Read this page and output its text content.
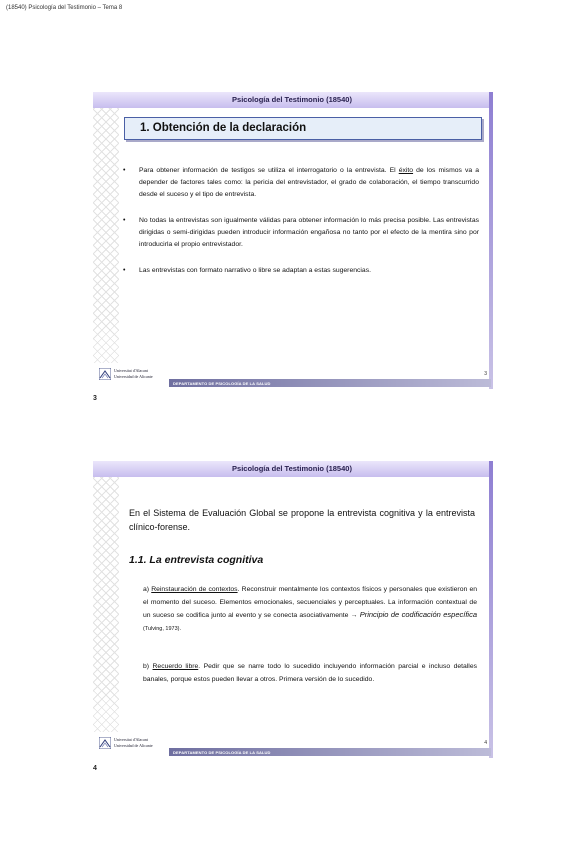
(18540) Psicología del Testimonio – Tema 8
Psicología del Testimonio (18540)
1. Obtención de la declaración
• Para obtener información de testigos se utiliza el interrogatorio o la entrevista. El éxito de los mismos va a depender de factores tales como: la pericia del entrevistador, el grado de colaboración, el tiempo transcurrido desde el suceso y el tipo de entrevista.
• No todas la entrevistas son igualmente válidas para obtener información lo más precisa posible. Las entrevistas dirigidas o semi-dirigidas pueden introducir información engañosa no tanto por el efecto de la mentira sino por introducirla el propio entrevistador.
• Las entrevistas con formato narrativo o libre se adaptan a estas sugerencias.
Universitat d'Alacant
Universidad de Alicante
DEPARTAMENTO DE PSICOLOGÍA DE LA SALUD
3
3
Psicología del Testimonio (18540)

En el Sistema de Evaluación Global se propone la entrevista cognitiva y la entrevista clínico-forense.

1.1. La entrevista cognitiva

a) Reinstauración de contextos. Reconstruir mentalmente los contextos físicos y personales que existieron en el momento del suceso. Elementos emocionales, secuenciales y perceptuales. La información contextual de un suceso se codifica junto al evento y se conecta asociativamente → Principio de codificación específica (Tulving, 1973).

b) Recuerdo libre. Pedir que se narre todo lo sucedido incluyendo información parcial e incluso detalles banales, porque estos pueden llevar a otros. Primera versión de lo sucedido.

Universitat d'Alacant
Universidad de Alicante
DEPARTAMENTO DE PSICOLOGÍA DE LA SALUD
4
4
